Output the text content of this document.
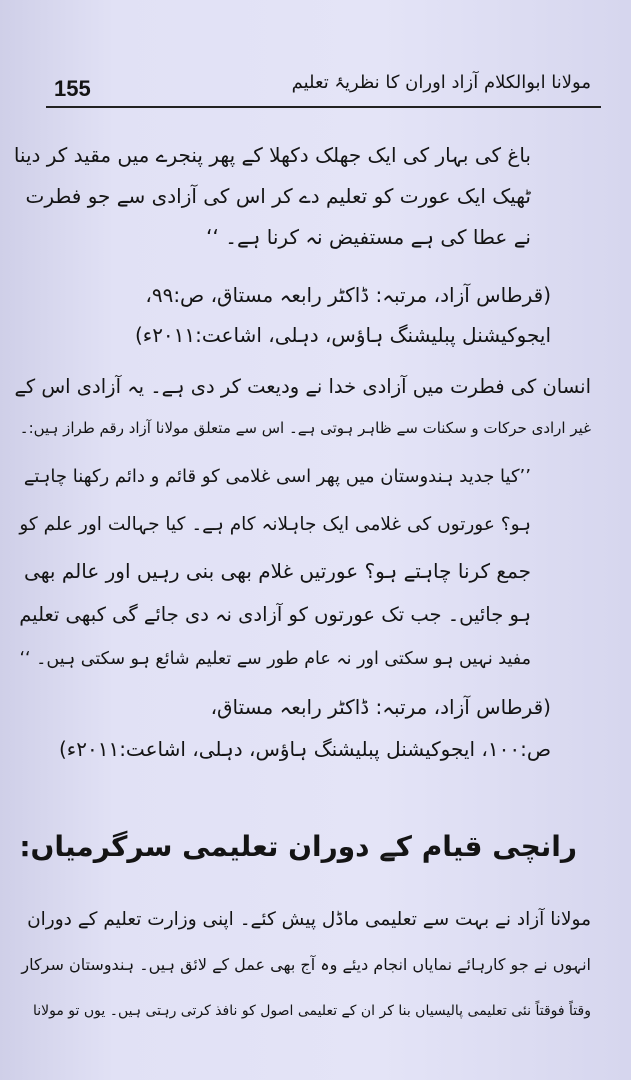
155	مولانا ابوالکلام آزاد اوران کا نظریۂ تعلیم
باغ کی بہار کی ایک جھلک دکھلا کے پھر پنجرے میں مقید کر دینا
ٹھیک ایک عورت کو تعلیم دے کر اس کی آزادی سے جو فطرت
نے عطا کی ہے مستفیض نہ کرنا ہے۔ ‘‘
(قرطاس آزاد، مرتبہ: ڈاکٹر رابعہ مستاق، ص:۹۹،
ایجوکیشنل پبلیشنگ ہاؤس، دہلی، اشاعت:۲۰۱۱ء)
انسان کی فطرت میں آزادی خدا نے ودیعت کر دی ہے۔ یہ آزادی اس کے
غیر ارادی حرکات و سکنات سے ظاہر ہوتی ہے۔ اس سے متعلق مولانا آزاد رقم طراز ہیں:۔
’’کیا جدید ہندوستان میں پھر اسی غلامی کو قائم و دائم رکھنا چاہتے
ہو؟ عورتوں کی غلامی ایک جاہلانہ کام ہے۔ کیا جہالت اور علم کو
جمع کرنا چاہتے ہو؟ عورتیں غلام بھی بنی رہیں اور عالم بھی
ہو جائیں۔ جب تک عورتوں کو آزادی نہ دی جائے گی کبھی تعلیم
مفید نہیں ہو سکتی اور نہ عام طور سے تعلیم شائع ہو سکتی ہیں۔ ‘‘
(قرطاس آزاد، مرتبہ: ڈاکٹر رابعہ مستاق،
ص:۱۰۰، ایجوکیشنل پبلیشنگ ہاؤس، دہلی، اشاعت:۲۰۱۱ء)
رانچی قیام کے دوران تعلیمی سرگرمیاں:
مولانا آزاد نے بہت سے تعلیمی ماڈل پیش کئے۔ اپنی وزارت تعلیم کے دوران
انہوں نے جو کارہائے نمایاں انجام دیئے وہ آج بھی عمل کے لائق ہیں۔ ہندوستان سرکار
وقتاً فوقتاً نئی تعلیمی پالیسیاں بنا کر ان کے تعلیمی اصول کو نافذ کرتی رہتی ہیں۔ یوں تو مولانا
